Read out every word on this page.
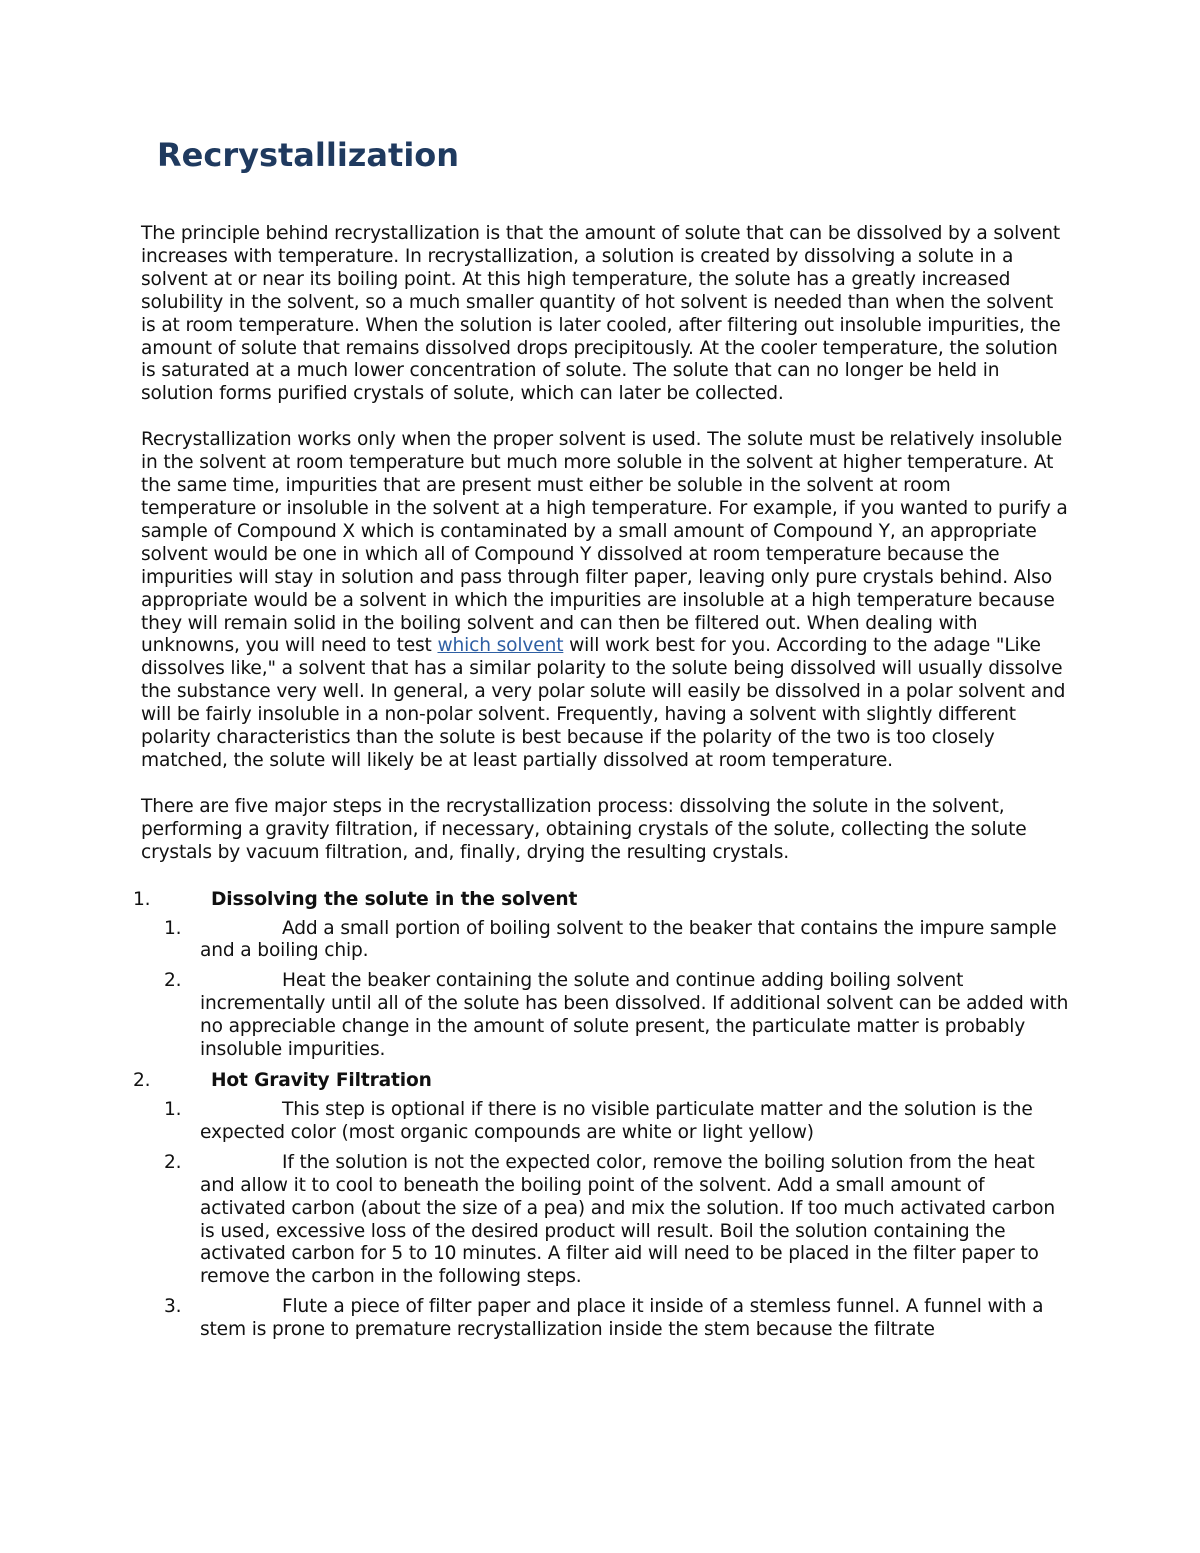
Recrystallization

The principle behind recrystallization is that the amount of solute that can be dissolved by a solvent increases with temperature. In recrystallization, a solution is created by dissolving a solute in a solvent at or near its boiling point. At this high temperature, the solute has a greatly increased solubility in the solvent, so a much smaller quantity of hot solvent is needed than when the solvent is at room temperature. When the solution is later cooled, after filtering out insoluble impurities, the amount of solute that remains dissolved drops precipitously. At the cooler temperature, the solution is saturated at a much lower concentration of solute. The solute that can no longer be held in solution forms purified crystals of solute, which can later be collected.

Recrystallization works only when the proper solvent is used. The solute must be relatively insoluble in the solvent at room temperature but much more soluble in the solvent at higher temperature. At the same time, impurities that are present must either be soluble in the solvent at room temperature or insoluble in the solvent at a high temperature. For example, if you wanted to purify a sample of Compound X which is contaminated by a small amount of Compound Y, an appropriate solvent would be one in which all of Compound Y dissolved at room temperature because the impurities will stay in solution and pass through filter paper, leaving only pure crystals behind. Also appropriate would be a solvent in which the impurities are insoluble at a high temperature because they will remain solid in the boiling solvent and can then be filtered out. When dealing with unknowns, you will need to test which solvent will work best for you. According to the adage "Like dissolves like," a solvent that has a similar polarity to the solute being dissolved will usually dissolve the substance very well. In general, a very polar solute will easily be dissolved in a polar solvent and will be fairly insoluble in a non-polar solvent. Frequently, having a solvent with slightly different polarity characteristics than the solute is best because if the polarity of the two is too closely matched, the solute will likely be at least partially dissolved at room temperature.

There are five major steps in the recrystallization process: dissolving the solute in the solvent, performing a gravity filtration, if necessary, obtaining crystals of the solute, collecting the solute crystals by vacuum filtration, and, finally, drying the resulting crystals.

1.	Dissolving the solute in the solvent
1.	Add a small portion of boiling solvent to the beaker that contains the impure sample and a boiling chip.
2.	Heat the beaker containing the solute and continue adding boiling solvent incrementally until all of the solute has been dissolved. If additional solvent can be added with no appreciable change in the amount of solute present, the particulate matter is probably insoluble impurities.
2.	Hot Gravity Filtration
1.	This step is optional if there is no visible particulate matter and the solution is the expected color (most organic compounds are white or light yellow)
2.	If the solution is not the expected color, remove the boiling solution from the heat and allow it to cool to beneath the boiling point of the solvent. Add a small amount of activated carbon (about the size of a pea) and mix the solution. If too much activated carbon is used, excessive loss of the desired product will result. Boil the solution containing the activated carbon for 5 to 10 minutes. A filter aid will need to be placed in the filter paper to remove the carbon in the following steps.
3.	Flute a piece of filter paper and place it inside of a stemless funnel. A funnel with a stem is prone to premature recrystallization inside the stem because the filtrate
